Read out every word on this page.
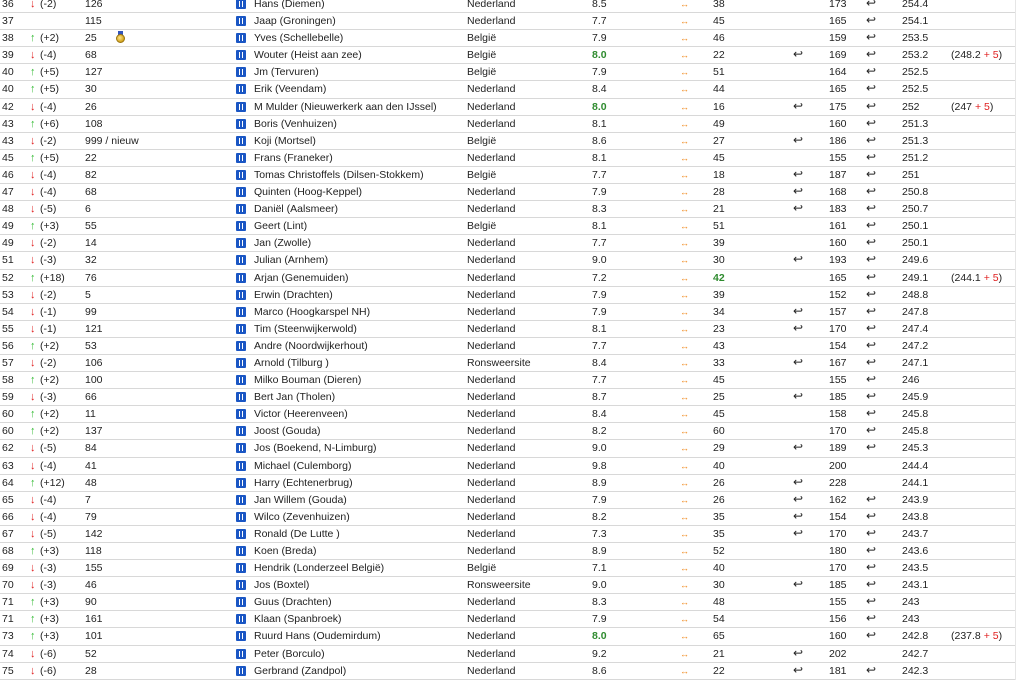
36 ↓ (-2)	126	Hans (Diemen)	Nederland	8.5	↔ 38	173 ↩ 254.4
37	115	Jaap (Groningen)	Nederland	7.7	↔ 45	165 ↩ 254.1
38 ↑ (+2) 25	Yves (Schellebelle)	België	7.9	↔ 46	159 ↩ 253.5
39 ↓ (-4)	68	Wouter (Heist aan zee)	België	8.0	↔ 22	↩ 169 ↩ 253.2 (248.2 + 5)
40 ↑ (+5) 127	Jm (Tervuren)	België	7.9	↔ 51	164 ↩ 252.5
40 ↑ (+5) 30	Erik (Veendam)	Nederland	8.4	↔ 44	165 ↩ 252.5
42 ↓ (-4)	26	M Mulder (Nieuwerkerk aan den IJssel)	Nederland	8.0	↔ 16	↩ 175 ↩ 252	(247 + 5)
43 ↑ (+6) 108	Boris (Venhuizen)	Nederland	8.1	↔ 49	160 ↩ 251.3
43 ↓ (-2)	999 / nieuw	Koji (Mortsel)	België	8.6	↔ 27	↩ 186 ↩ 251.3
45 ↑ (+5) 22	Frans (Franeker)	Nederland	8.1	↔ 45	155 ↩ 251.2
46 ↓ (-4)	82	Tomas Christoffels (Dilsen-Stokkem)	België	7.7	↔ 18	↩ 187 ↩ 251
47 ↓ (-4)	68	Quinten (Hoog-Keppel)	Nederland	7.9	↔ 28	↩ 168 ↩ 250.8
48 ↓ (-5)	6	Daniël (Aalsmeer)	Nederland	8.3	↔ 21	↩ 183 ↩ 250.7
49 ↑ (+3) 55	Geert (Lint)	België	8.1	↔ 51	161 ↩ 250.1
49 ↓ (-2)	14	Jan (Zwolle)	Nederland	7.7	↔ 39	160 ↩ 250.1
51 ↓ (-3)	32	Julian (Arnhem)	Nederland	9.0	↔ 30	↩ 193 ↩ 249.6
52 ↑ (+18) 76	Arjan (Genemuiden)	Nederland	7.2	↔ 42	165 ↩ 249.1 (244.1 + 5)
53 ↓ (-2)	5	Erwin (Drachten)	Nederland	7.9	↔ 39	152 ↩ 248.8
54 ↓ (-1)	99	Marco (Hoogkarspel NH)	Nederland	7.9	↔ 34	↩ 157 ↩ 247.8
55 ↓ (-1)	121	Tim (Steenwijkerwold)	Nederland	8.1	↔ 23	↩ 170 ↩ 247.4
56 ↑ (+2) 53	Andre (Noordwijkerhout)	Nederland	7.7	↔ 43	154 ↩ 247.2
57 ↓ (-2)	106	Arnold (Tilburg )	Ronsweersite	8.4	↔ 33	↩ 167 ↩ 247.1
58 ↑ (+2) 100	Milko Bouman (Dieren)	Nederland	7.7	↔ 45	155 ↩ 246
59 ↓ (-3)	66	Bert Jan (Tholen)	Nederland	8.7	↔ 25	↩ 185 ↩ 245.9
60 ↑ (+2) 11	Victor (Heerenveen)	Nederland	8.4	↔ 45	158 ↩ 245.8
60 ↑ (+2) 137	Joost (Gouda)	Nederland	8.2	↔ 60	170 ↩ 245.8
62 ↓ (-5)	84	Jos (Boekend, N-Limburg)	Nederland	9.0	↔ 29	↩ 189 ↩ 245.3
63 ↓ (-4)	41	Michael (Culemborg)	Nederland	9.8	↔ 40	200	244.4
64 ↑ (+12) 48	Harry (Echtenerbrug)	Nederland	8.9	↔ 26	↩ 228	244.1
65 ↓ (-4)	7	Jan Willem (Gouda)	Nederland	7.9	↔ 26	↩ 162 ↩ 243.9
66 ↓ (-4)	79	Wilco (Zevenhuizen)	Nederland	8.2	↔ 35	↩ 154 ↩ 243.8
67 ↓ (-5)	142	Ronald (De Lutte )	Nederland	7.3	↔ 35	↩ 170 ↩ 243.7
68 ↑ (+3) 118	Koen (Breda)	Nederland	8.9	↔ 52	180 ↩ 243.6
69 ↓ (-3)	155	Hendrik (Londerzeel België)	België	7.1	↔ 40	170 ↩ 243.5
70 ↓ (-3)	46	Jos (Boxtel)	Ronsweersite	9.0	↔ 30	↩ 185 ↩ 243.1
71 ↑ (+3) 90	Guus (Drachten)	Nederland	8.3	↔ 48	155 ↩ 243
71 ↑ (+3) 161	Klaan (Spanbroek)	Nederland	7.9	↔ 54	156 ↩ 243
73 ↑ (+3) 101	Ruurd Hans (Oudemirdum)	Nederland	8.0	↔ 65	160 ↩ 242.8 (237.8 + 5)
74 ↓ (-6)	52	Peter (Borculo)	Nederland	9.2	↔ 21	↩ 202	242.7
75 ↓ (-6)	28	Gerbrand (Zandpol)	Nederland	8.6	↔ 22	↩ 181 ↩ 242.3
